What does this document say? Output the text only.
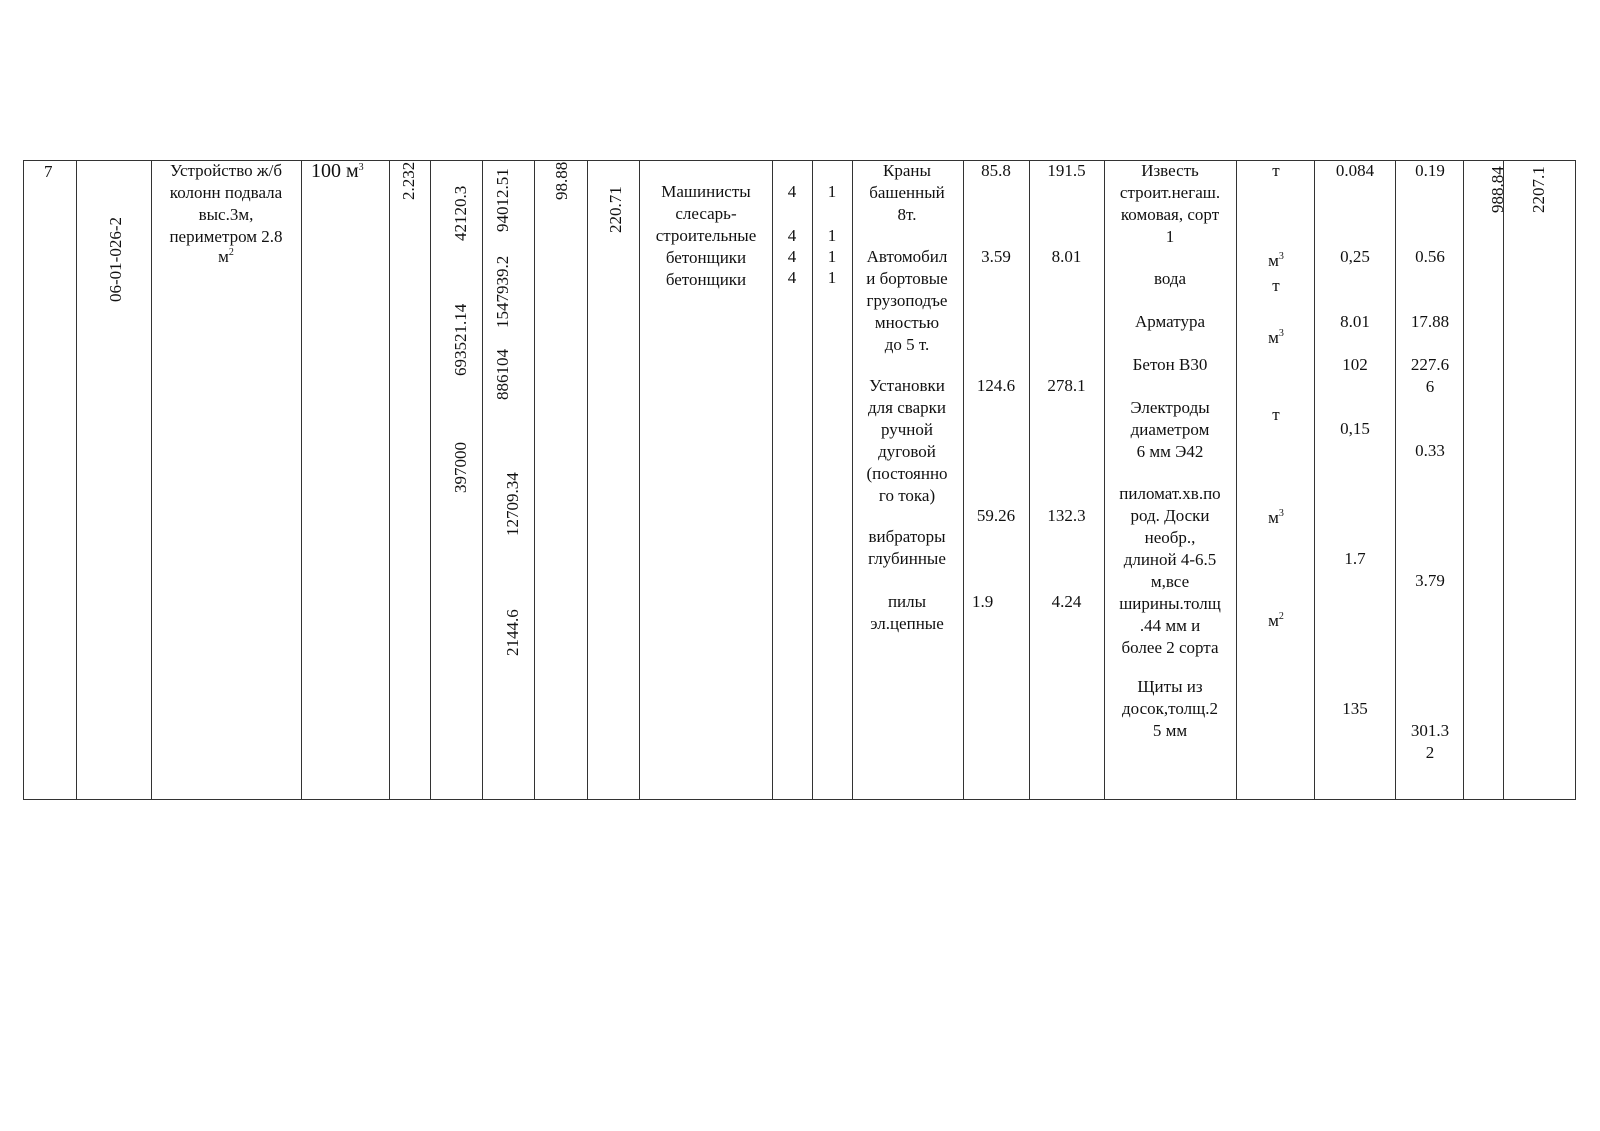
7
06-01-026-2
Устройство ж/б
колонн подвала
выс.3м,
периметром 2.8
$м^2$
100 $м^3$ 2.232
42120.3
693521.14
397000
94012.51
1547939.2
886104
12709.34
2144.6
98.88
220.71	Машинисты
слесарь-
строительные
бетонщики
бетонщики
4
4
4
4
1
1
1
1
Краны
башенный
8т.
Автомобил
и бортовые
грузоподъе
мностью
до 5 т.
Установки
для сварки
ручной
дуговой
(постоянно
го тока)
вибраторы
глубинные
пилы
эл.цепные
85.8
3.59
124.6
59.26
1.9
191.5
8.01
278.1
132.3
4.24
Известь
строит.негаш.
комовая, сорт
1
вода
Арматура
Бетон В30
Электроды
диаметром
6 мм Э42
пиломат.хв.по
род. Доски
необр.,
длиной 4-6.5
м,все
ширины.толщ
.44 мм и
более 2 сорта
Щиты из
досок,толщ.2
5 мм
т
$м^3$
т
$м^3$
т
$м^3$
$м^2$
0.084
0,25
8.01
102
0,15
1.7
135
0.19
0.56
17.88
227.6
6
0.33
3.79
301.3
2
988.84 2207.1
